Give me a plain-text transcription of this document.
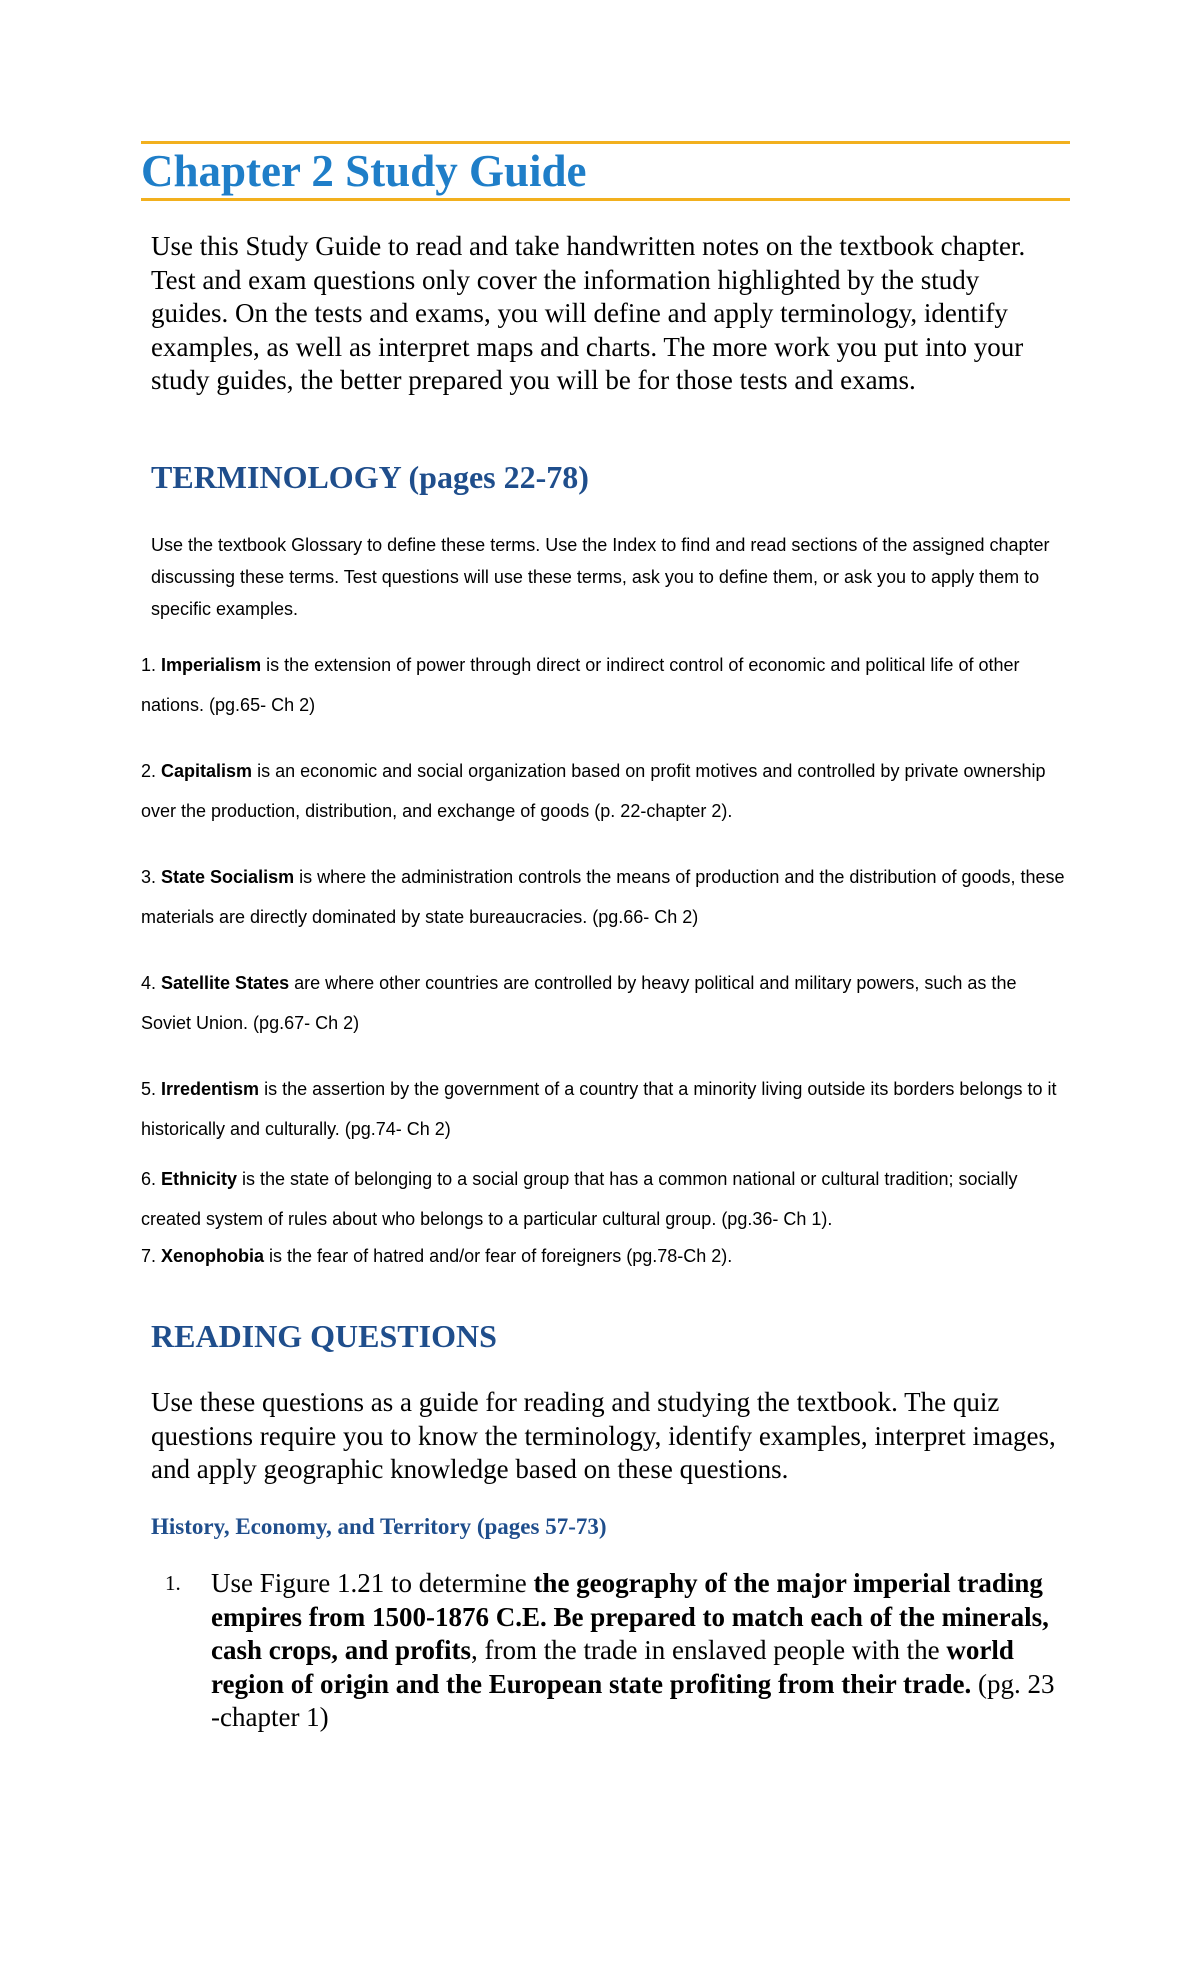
Chapter 2 Study Guide

Use this Study Guide to read and take handwritten notes on the textbook chapter. Test and exam questions only cover the information highlighted by the study guides. On the tests and exams, you will define and apply terminology, identify examples, as well as interpret maps and charts. The more work you put into your study guides, the better prepared you will be for those tests and exams.

TERMINOLOGY (pages 22-78)

Use the textbook Glossary to define these terms. Use the Index to find and read sections of the assigned chapter discussing these terms. Test questions will use these terms, ask you to define them, or ask you to apply them to specific examples.

1. Imperialism is the extension of power through direct or indirect control of economic and political life of other nations. (pg.65- Ch 2)
2. Capitalism is an economic and social organization based on profit motives and controlled by private ownership over the production, distribution, and exchange of goods (p. 22-chapter 2).
3. State Socialism is where the administration controls the means of production and the distribution of goods, these materials are directly dominated by state bureaucracies. (pg.66- Ch 2)
4. Satellite States are where other countries are controlled by heavy political and military powers, such as the Soviet Union. (pg.67- Ch 2)
5. Irredentism is the assertion by the government of a country that a minority living outside its borders belongs to it historically and culturally. (pg.74- Ch 2)
6. Ethnicity is the state of belonging to a social group that has a common national or cultural tradition; socially created system of rules about who belongs to a particular cultural group. (pg.36- Ch 1).
7. Xenophobia is the fear of hatred and/or fear of foreigners (pg.78-Ch 2).
READING QUESTIONS

Use these questions as a guide for reading and studying the textbook. The quiz questions require you to know the terminology, identify examples, interpret images, and apply geographic knowledge based on these questions.

History, Economy, and Territory (pages 57-73)
1.	Use Figure 1.21 to determine the geography of the major imperial trading empires from 1500-1876 C.E. Be prepared to match each of the minerals, cash crops, and profits, from the trade in enslaved people with the world region of origin and the European state profiting from their trade. (pg. 23 -chapter 1)
